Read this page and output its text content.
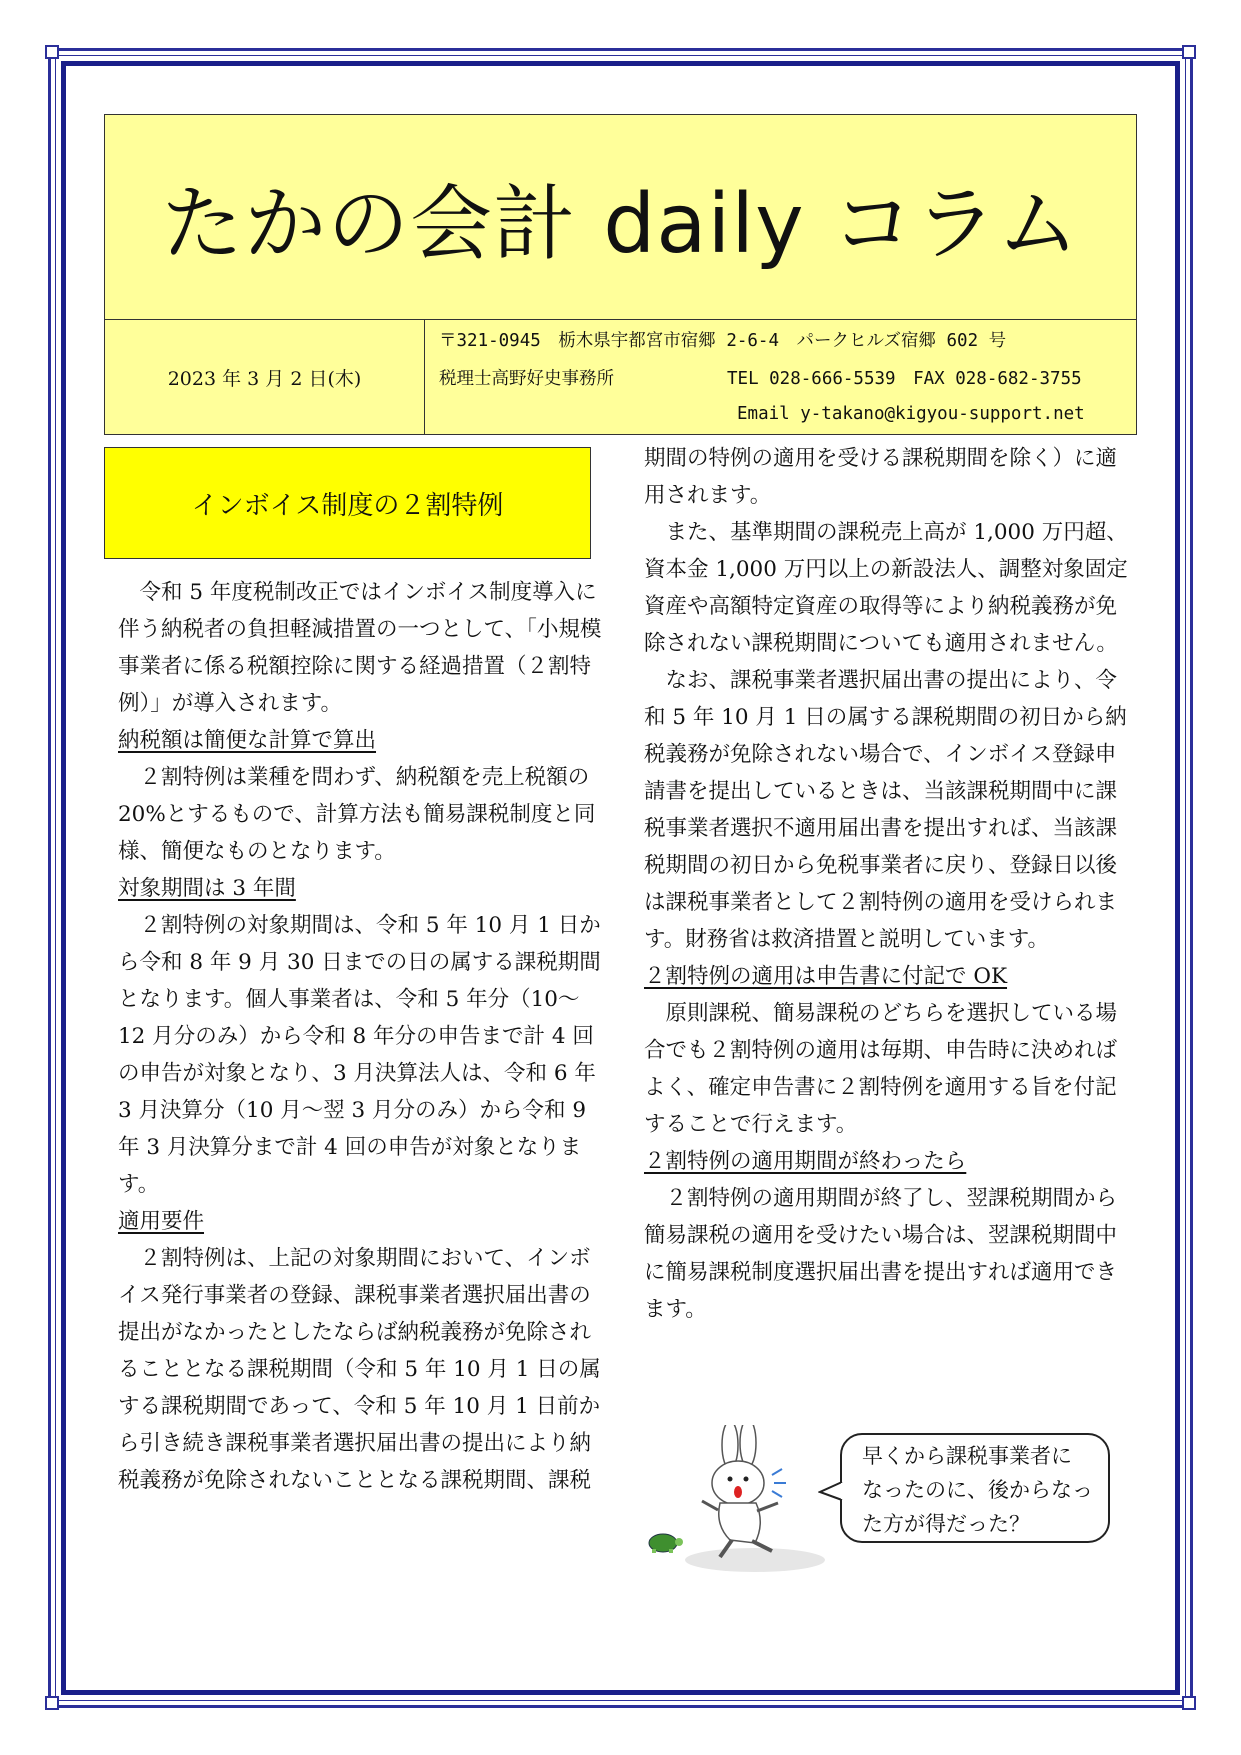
たかの会計 daily コラム
2023 年 3 月 2 日(木)
〒321-0945　栃木県宇都宮市宿郷 2-6-4　パークヒルズ宿郷 602 号
税理士高野好史事務所	TEL 028-666-5539　FAX 028-682-3755
Email y-takano@kigyou-support.net
インボイス制度の２割特例

令和 5 年度税制改正ではインボイス制度導入に伴う納税者の負担軽減措置の一つとして、「小規模事業者に係る税額控除に関する経過措置（２割特例）」が導入されます。

納税額は簡便な計算で算出

２割特例は業種を問わず、納税額を売上税額の 20%とするもので、計算方法も簡易課税制度と同様、簡便なものとなります。

対象期間は 3 年間

２割特例の対象期間は、令和 5 年 10 月 1 日から令和 8 年 9 月 30 日までの日の属する課税期間となります。個人事業者は、令和 5 年分（10～12 月分のみ）から令和 8 年分の申告まで計 4 回の申告が対象となり、3 月決算法人は、令和 6 年 3 月決算分（10 月～翌 3 月分のみ）から令和 9 年 3 月決算分まで計 4 回の申告が対象となります。

適用要件

２割特例は、上記の対象期間において、インボイス発行事業者の登録、課税事業者選択届出書の提出がなかったとしたならば納税義務が免除されることとなる課税期間（令和 5 年 10 月 1 日の属する課税期間であって、令和 5 年 10 月 1 日前から引き続き課税事業者選択届出書の提出により納税義務が免除されないこととなる課税期間、課税

期間の特例の適用を受ける課税期間を除く）に適用されます。

また、基準期間の課税売上高が 1,000 万円超、資本金 1,000 万円以上の新設法人、調整対象固定資産や高額特定資産の取得等により納税義務が免除されない課税期間についても適用されません。

なお、課税事業者選択届出書の提出により、令和 5 年 10 月 1 日の属する課税期間の初日から納税義務が免除されない場合で、インボイス登録申請書を提出しているときは、当該課税期間中に課税事業者選択不適用届出書を提出すれば、当該課税期間の初日から免税事業者に戻り、登録日以後は課税事業者として２割特例の適用を受けられます。財務省は救済措置と説明しています。

２割特例の適用は申告書に付記で OK

原則課税、簡易課税のどちらを選択している場合でも２割特例の適用は毎期、申告時に決めればよく、確定申告書に２割特例を適用する旨を付記することで行えます。

２割特例の適用期間が終わったら

２割特例の適用期間が終了し、翌課税期間から簡易課税の適用を受けたい場合は、翌課税期間中に簡易課税制度選択届出書を提出すれば適用できます。

早くから課税事業者に
なったのに、後からなっ
た方が得だった？
